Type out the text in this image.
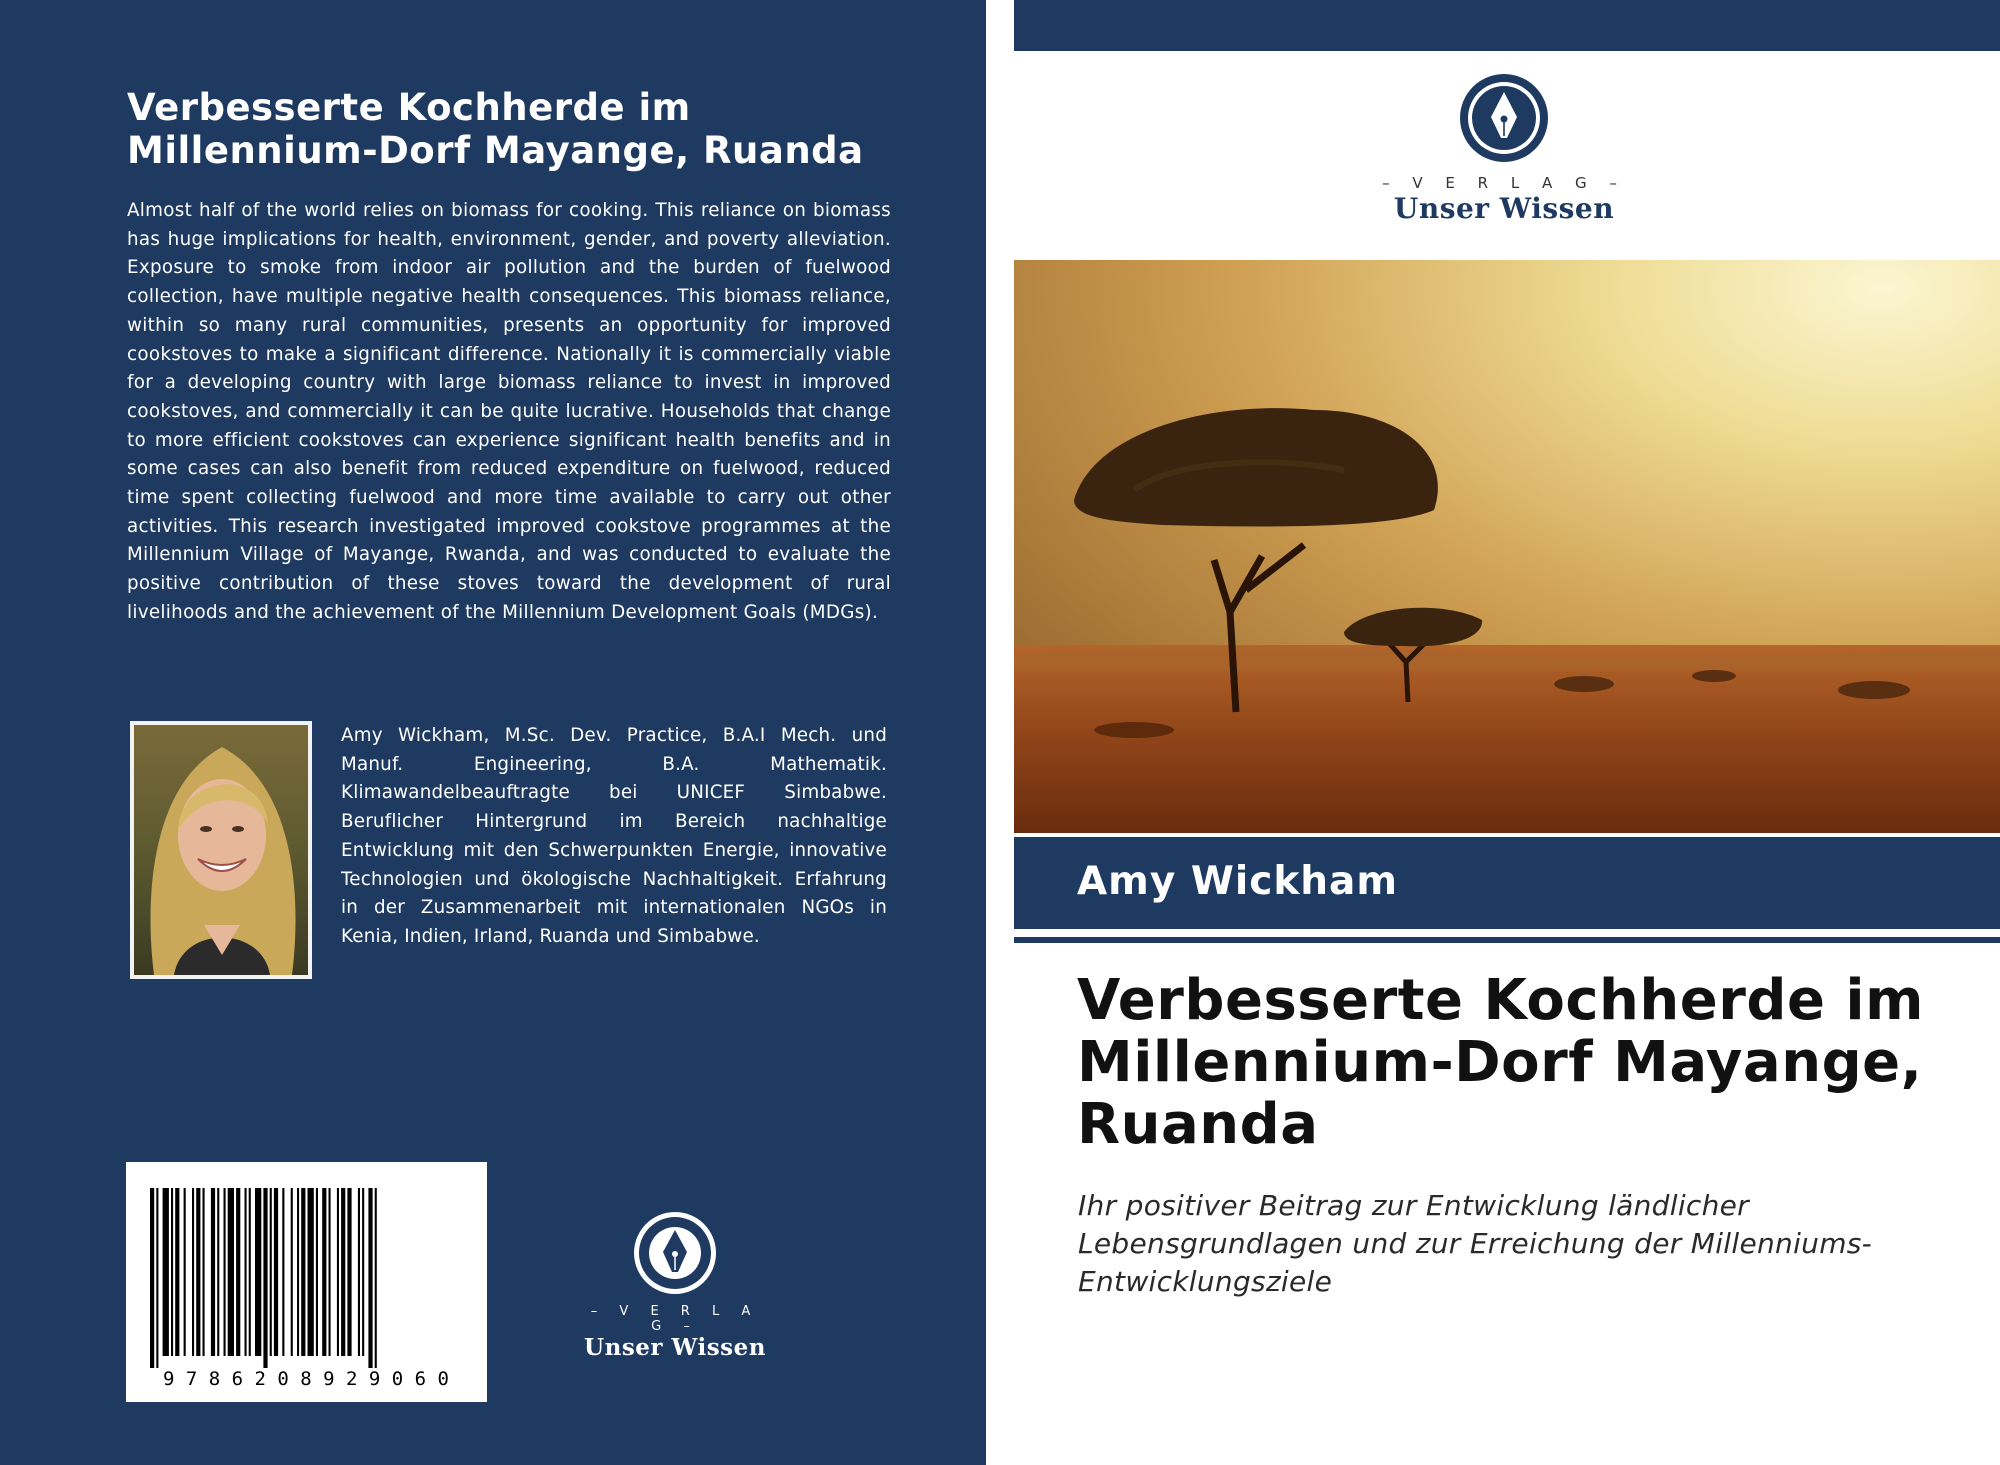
Verbesserte Kochherde im Millennium-Dorf Mayange, Ruanda

Almost half of the world relies on biomass for cooking. This reliance on biomass has huge implications for health, environment, gender, and poverty alleviation. Exposure to smoke from indoor air pollution and the burden of fuelwood collection, have multiple negative health consequences. This biomass reliance, within so many rural communities, presents an opportunity for improved cookstoves to make a significant difference. Nationally it is commercially viable for a developing country with large biomass reliance to invest in improved cookstoves, and commercially it can be quite lucrative. Households that change to more efficient cookstoves can experience significant health benefits and in some cases can also benefit from reduced expenditure on fuelwood, reduced time spent collecting fuelwood and more time available to carry out other activities. This research investigated improved cookstove programmes at the Millennium Village of Mayange, Rwanda, and was conducted to evaluate the positive contribution of these stoves toward the development of rural livelihoods and the achievement of the Millennium Development Goals (MDGs).

Amy Wickham, M.Sc. Dev. Practice, B.A.I Mech. und Manuf. Engineering, B.A. Mathematik. Klimawandelbeauftragte bei UNICEF Simbabwe. Beruflicher Hintergrund im Bereich nachhaltige Entwicklung mit den Schwerpunkten Energie, innovative Technologien und ökologische Nachhaltigkeit. Erfahrung in der Zusammenarbeit mit internationalen NGOs in Kenia, Indien, Irland, Ruanda und Simbabwe.

9 7 8 6 2 0 8 9 2 9 0 6 0
– V E R L A G –
Unser Wissen
– V E R L A G –
Unser Wissen

Amy Wickham

Verbesserte Kochherde im Millennium-Dorf Mayange, Ruanda

Ihr positiver Beitrag zur Entwicklung ländlicher Lebensgrundlagen und zur Erreichung der Millenniums-Entwicklungsziele
